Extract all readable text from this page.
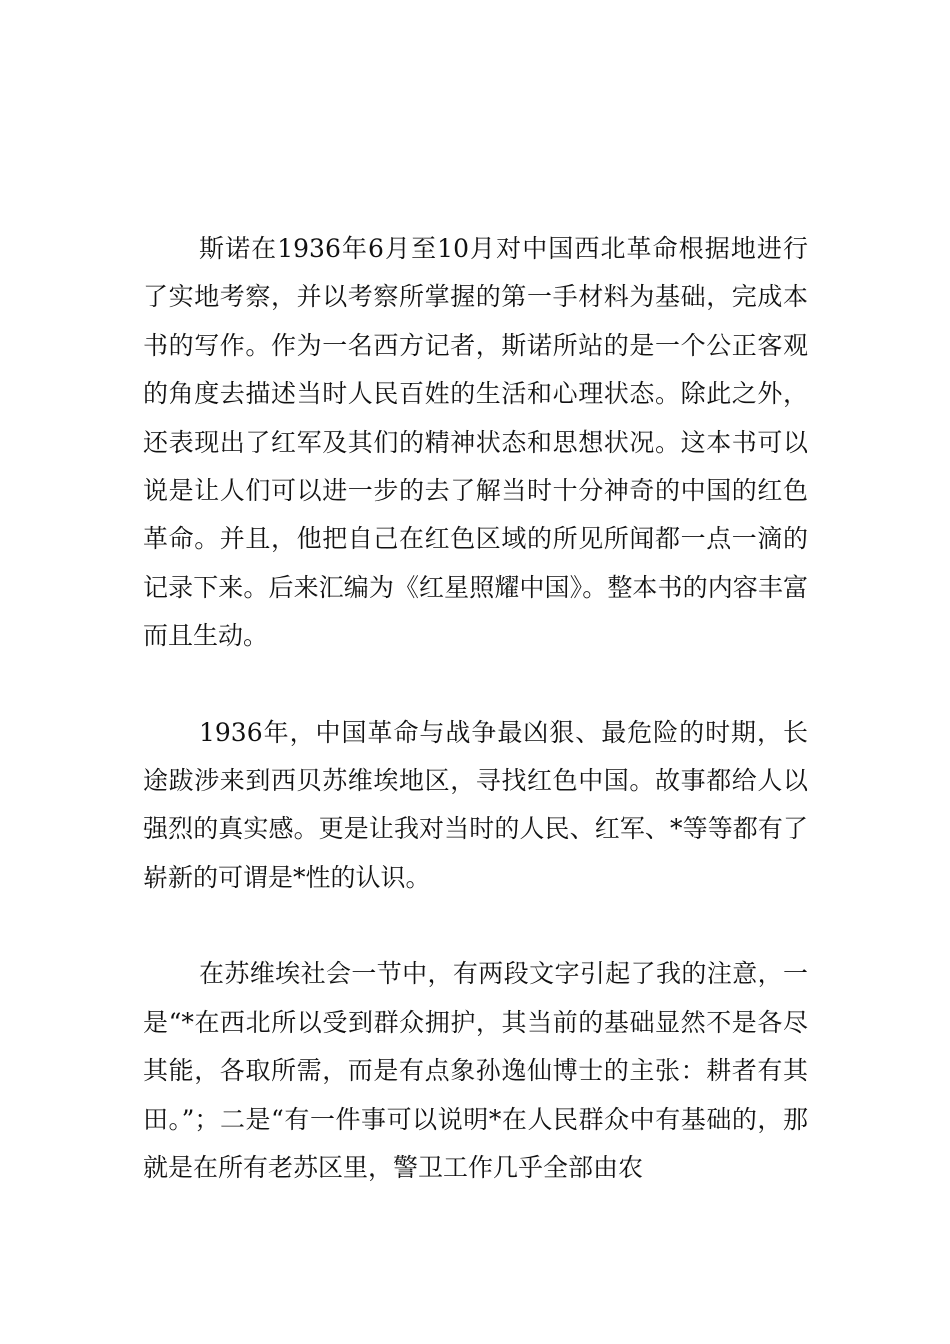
斯诺在1936年6月至10月对中国西北革命根据地进行了实地考察，并以考察所掌握的第一手材料为基础，完成本书的写作。作为一名西方记者，斯诺所站的是一个公正客观的角度去描述当时人民百姓的生活和心理状态。除此之外，还表现出了红军及其们的精神状态和思想状况。这本书可以说是让人们可以进一步的去了解当时十分神奇的中国的红色革命。并且，他把自己在红色区域的所见所闻都一点一滴的记录下来。后来汇编为《红星照耀中国》。整本书的内容丰富而且生动。

1936年，中国革命与战争最凶狠、最危险的时期，长途跋涉来到西贝苏维埃地区，寻找红色中国。故事都给人以强烈的真实感。更是让我对当时的人民、红军、*等等都有了崭新的可谓是*性的认识。

在苏维埃社会一节中，有两段文字引起了我的注意，一是“*在西北所以受到群众拥护，其当前的基础显然不是各尽其能，各取所需，而是有点象孙逸仙博士的主张：耕者有其田。”；二是“有一件事可以说明*在人民群众中有基础的，那就是在所有老苏区里，警卫工作几乎全部由农
